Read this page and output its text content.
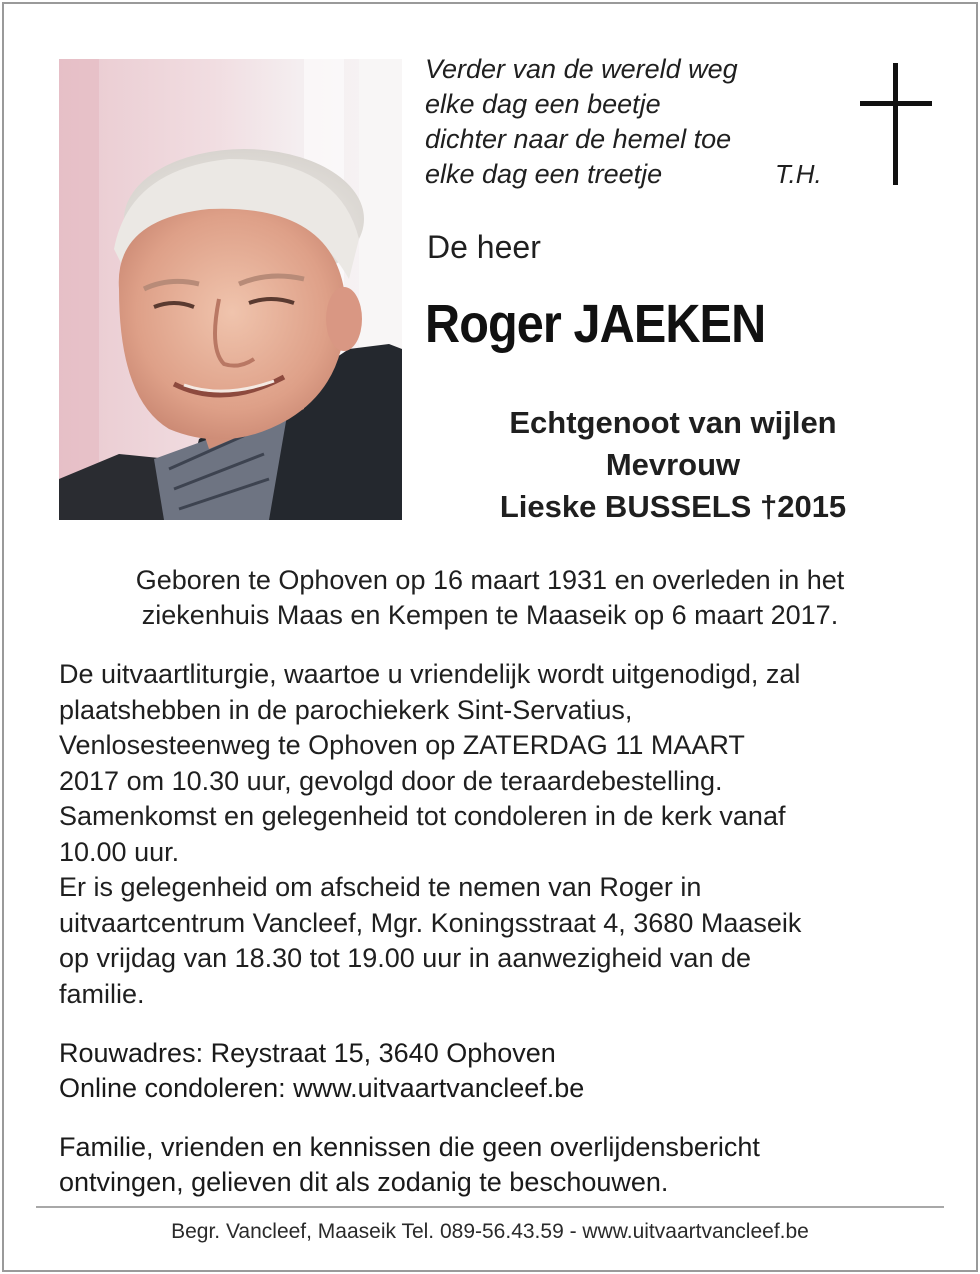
Verder van de wereld weg
elke dag een beetje
dichter naar de hemel toe
elke dag een treetje	T.H.
De heer
Roger JAEKEN
Echtgenoot van wijlen
Mevrouw
Lieske BUSSELS †2015
Geboren te Ophoven op 16 maart 1931 en overleden in het
ziekenhuis Maas en Kempen te Maaseik op 6 maart 2017.

De uitvaartliturgie, waartoe u vriendelijk wordt uitgenodigd, zal
plaatshebben in de parochiekerk Sint-Servatius,
Venlosesteenweg te Ophoven op ZATERDAG 11 MAART
2017 om 10.30 uur, gevolgd door de teraardebestelling.
Samenkomst en gelegenheid tot condoleren in de kerk vanaf
10.00 uur.

Er is gelegenheid om afscheid te nemen van Roger in
uitvaartcentrum Vancleef, Mgr. Koningsstraat 4, 3680 Maaseik
op vrijdag van 18.30 tot 19.00 uur in aanwezigheid van de
familie.

Rouwadres: Reystraat 15, 3640 Ophoven
Online condoleren: www.uitvaartvancleef.be

Familie, vrienden en kennissen die geen overlijdensbericht
ontvingen, gelieven dit als zodanig te beschouwen.

Begr. Vancleef, Maaseik Tel. 089-56.43.59 - www.uitvaartvancleef.be
